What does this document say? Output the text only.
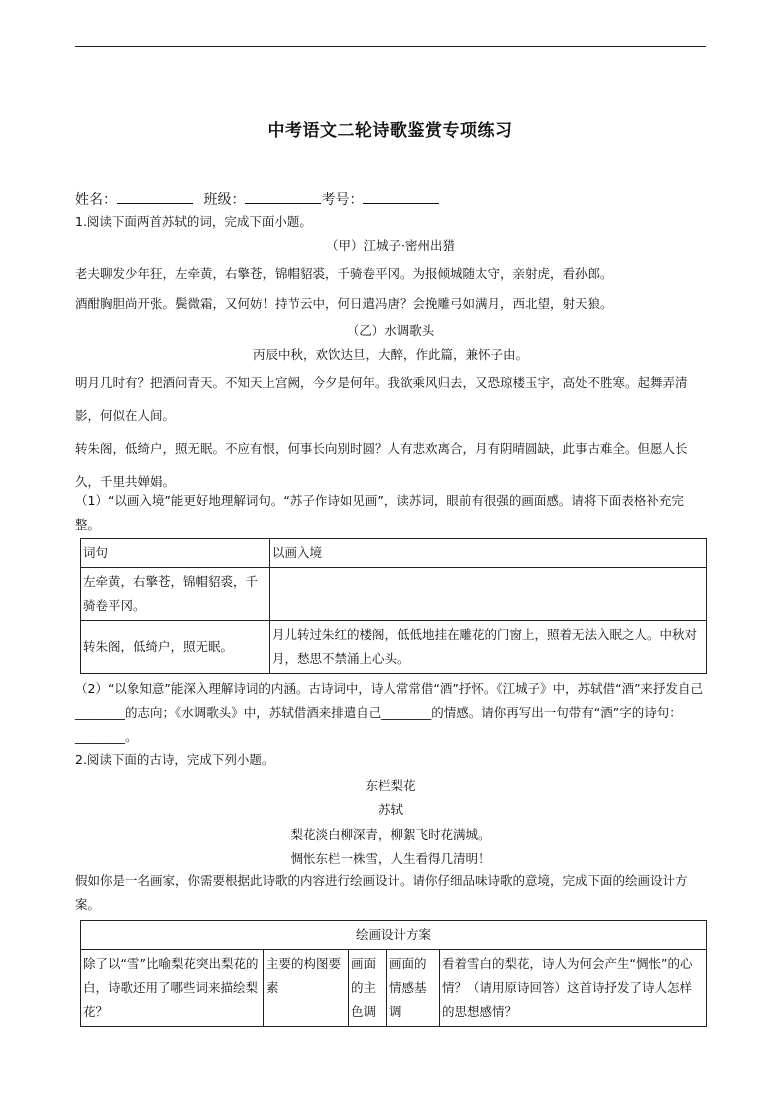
中考语文二轮诗歌鉴赏专项练习
姓名：	班级：	考号：
1.阅读下面两首苏轼的词，完成下面小题。
（甲）江城子·密州出猎
老夫聊发少年狂，左牵黄，右擎苍，锦帽貂裘，千骑卷平冈。为报倾城随太守，亲射虎，看孙郎。
酒酣胸胆尚开张。鬓微霜，又何妨！持节云中，何日遣冯唐？会挽雕弓如满月，西北望，射天狼。
（乙）水调歌头
丙辰中秋，欢饮达旦，大醉，作此篇，兼怀子由。
明月几时有？把酒问青天。不知天上宫阙，今夕是何年。我欲乘风归去，又恐琼楼玉宇，高处不胜寒。起舞弄清影，何似在人间。
转朱阁，低绮户，照无眠。不应有恨，何事长向别时圆？人有悲欢离合，月有阴晴圆缺，此事古难全。但愿人长久，千里共婵娟。
（1）“以画入境”能更好地理解词句。“苏子作诗如见画”，读苏词，眼前有很强的画面感。请将下面表格补充完整。
词句	以画入境
左牵黄，右擎苍，锦帽貂裘，千骑卷平冈。	
转朱阁，低绮户，照无眠。	月儿转过朱红的楼阁，低低地挂在雕花的门窗上，照着无法入眠之人。中秋对月，愁思不禁涌上心头。
（2）“以象知意”能深入理解诗词的内涵。古诗词中，诗人常常借“酒”抒怀。《江城子》中，苏轼借“酒”来抒发自己________的志向；《水调歌头》中，苏轼借酒来排遣自己________的情感。请你再写出一句带有“酒”字的诗句：________。
2.阅读下面的古诗，完成下列小题。
东栏梨花
苏轼
梨花淡白柳深青，柳絮飞时花满城。
惆怅东栏一株雪，人生看得几清明！
假如你是一名画家，你需要根据此诗歌的内容进行绘画设计。请你仔细品味诗歌的意境，完成下面的绘画设计方案。
绘画设计方案
除了以“雪”比喻梨花突出梨花的白，诗歌还用了哪些词来描绘梨花？	主要的构图要素	画面的主色调	画面的情感基调	看着雪白的梨花，诗人为何会产生“惆怅”的心情？（请用原诗回答）这首诗抒发了诗人怎样的思想感情？
